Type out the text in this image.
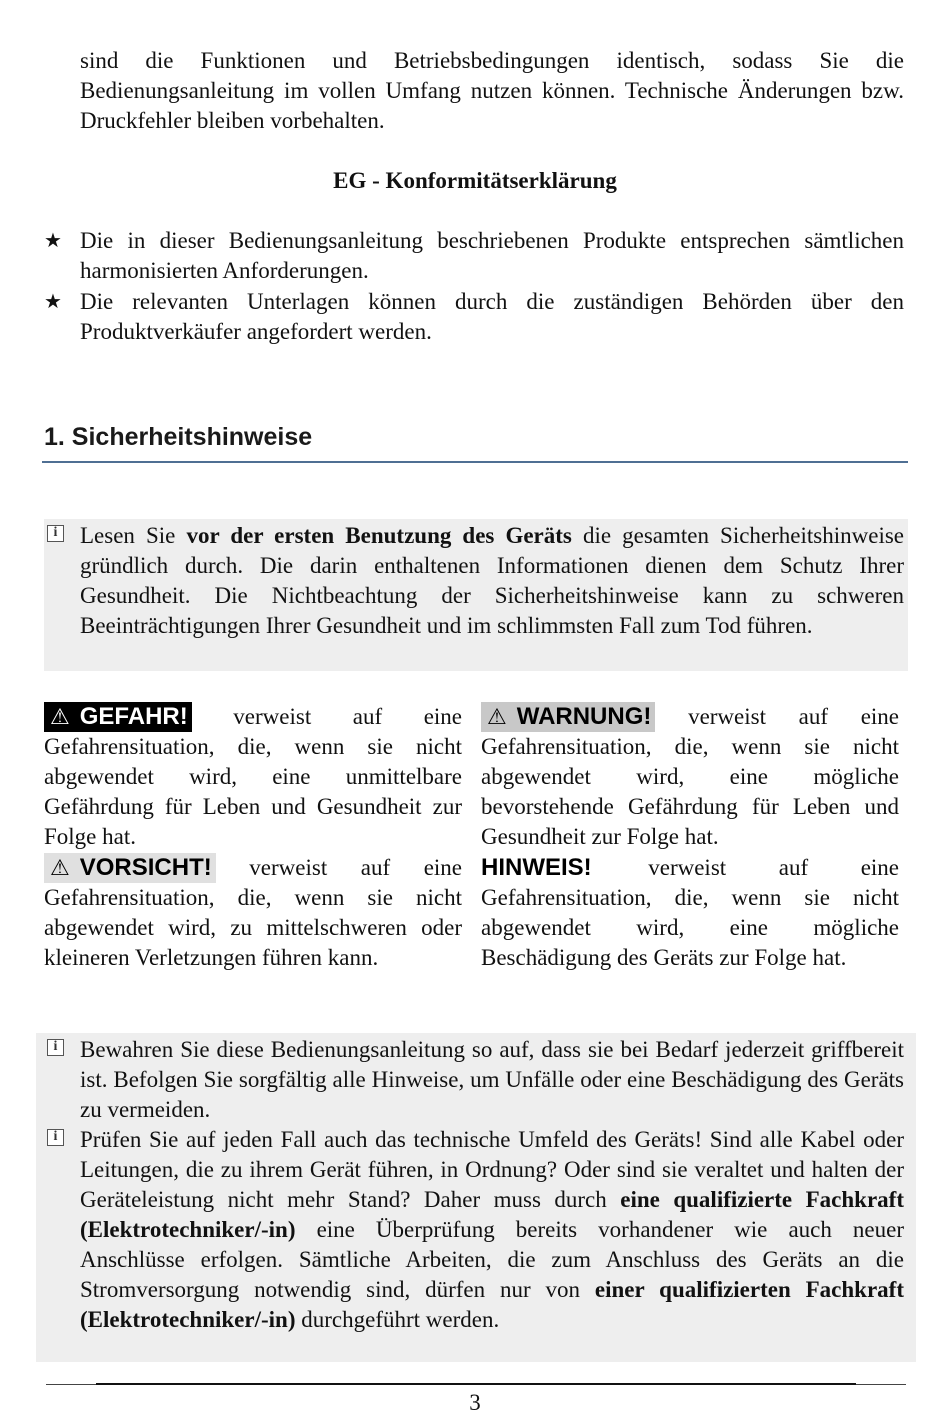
sind die Funktionen und Betriebsbedingungen identisch, sodass Sie die Bedienungsanleitung im vollen Umfang nutzen können. Technische Änderungen bzw. Druckfehler bleiben vorbehalten.
EG - Konformitätserklärung
★ Die in dieser Bedienungsanleitung beschriebenen Produkte entsprechen sämtlichen harmonisierten Anforderungen.
★ Die relevanten Unterlagen können durch die zuständigen Behörden über den Produktverkäufer angefordert werden.
1. Sicherheitshinweise
i Lesen Sie vor der ersten Benutzung des Geräts die gesamten Sicherheitshinweise gründlich durch. Die darin enthaltenen Informationen dienen dem Schutz Ihrer Gesundheit. Die Nichtbeachtung der Sicherheitshinweise kann zu schweren Beeinträchtigungen Ihrer Gesundheit und im schlimmsten Fall zum Tod führen.
⚠ GEFAHR! verweist auf eine Gefahrensituation, die, wenn sie nicht abgewendet wird, eine unmittelbare Gefährdung für Leben und Gesundheit zur Folge hat.
⚠ WARNUNG! verweist auf eine Gefahrensituation, die, wenn sie nicht abgewendet wird, eine mögliche bevorstehende Gefährdung für Leben und Gesundheit zur Folge hat.
⚠ VORSICHT! verweist auf eine Gefahrensituation, die, wenn sie nicht abgewendet wird, zu mittelschweren oder kleineren Verletzungen führen kann.
HINWEIS! verweist auf eine Gefahrensituation, die, wenn sie nicht abgewendet wird, eine mögliche Beschädigung des Geräts zur Folge hat.
i Bewahren Sie diese Bedienungsanleitung so auf, dass sie bei Bedarf jederzeit griffbereit ist. Befolgen Sie sorgfältig alle Hinweise, um Unfälle oder eine Beschädigung des Geräts zu vermeiden.
i Prüfen Sie auf jeden Fall auch das technische Umfeld des Geräts! Sind alle Kabel oder Leitungen, die zu ihrem Gerät führen, in Ordnung? Oder sind sie veraltet und halten der Geräteleistung nicht mehr Stand? Daher muss durch eine qualifizierte Fachkraft (Elektrotechniker/-in) eine Überprüfung bereits vorhandener wie auch neuer Anschlüsse erfolgen. Sämtliche Arbeiten, die zum Anschluss des Geräts an die Stromversorgung notwendig sind, dürfen nur von einer qualifizierten Fachkraft (Elektrotechniker/-in) durchgeführt werden.
3
